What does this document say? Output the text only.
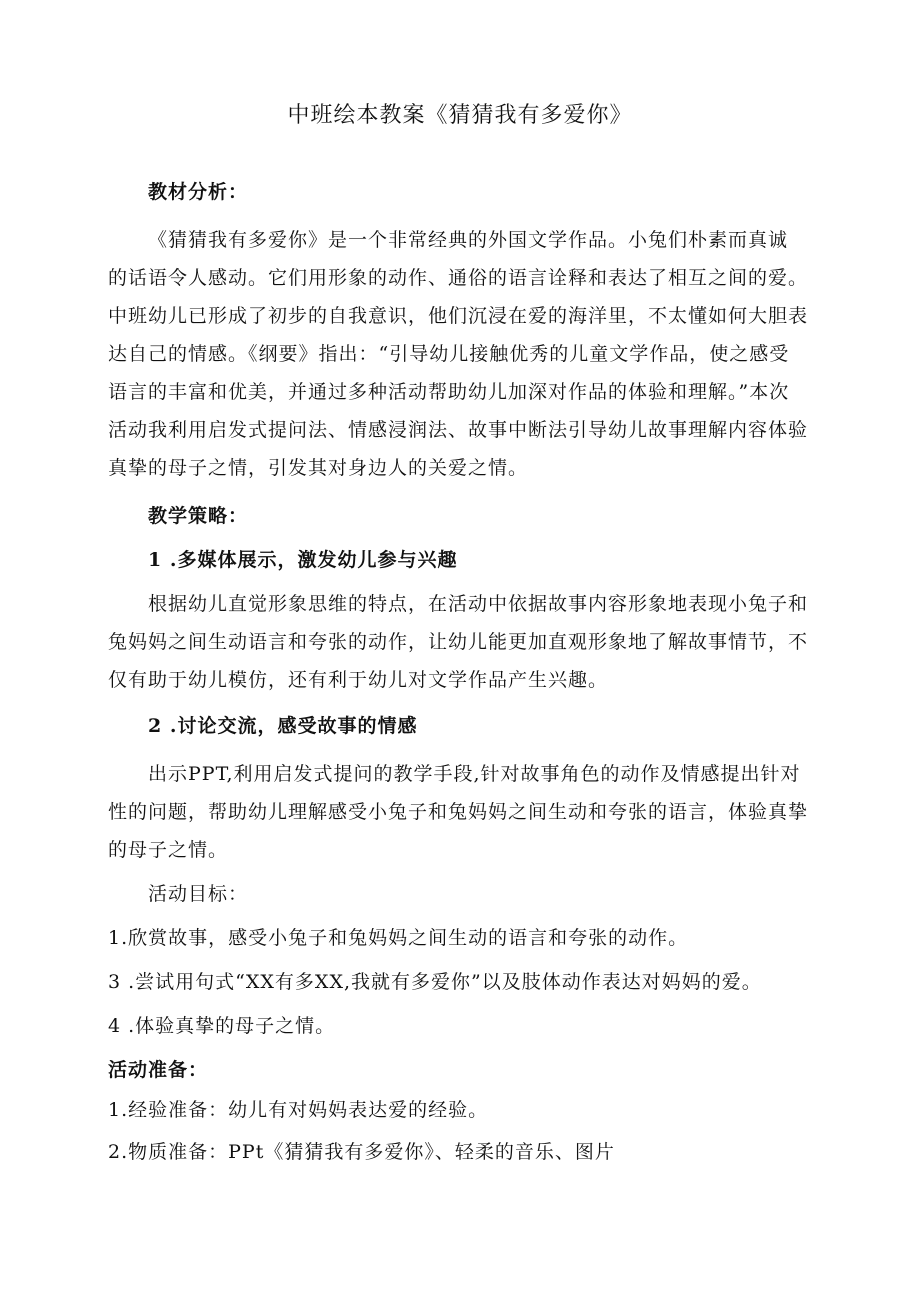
中班绘本教案《猜猜我有多爱你》
教材分析：
《猜猜我有多爱你》是一个非常经典的外国文学作品。小兔们朴素而真诚
的话语令人感动。它们用形象的动作、通俗的语言诠释和表达了相互之间的爱。
中班幼儿已形成了初步的自我意识，他们沉浸在爱的海洋里，不太懂如何大胆表
达自己的情感。《纲要》指出：“引导幼儿接触优秀的儿童文学作品，使之感受
语言的丰富和优美，并通过多种活动帮助幼儿加深对作品的体验和理解。”本次
活动我利用启发式提问法、情感浸润法、故事中断法引导幼儿故事理解内容体验
真挚的母子之情，引发其对身边人的关爱之情。
教学策略：
1 .多媒体展示，激发幼儿参与兴趣
根据幼儿直觉形象思维的特点，在活动中依据故事内容形象地表现小兔子和
兔妈妈之间生动语言和夸张的动作，让幼儿能更加直观形象地了解故事情节，不
仅有助于幼儿模仿，还有利于幼儿对文学作品产生兴趣。
2 .讨论交流，感受故事的情感
出示PPT,利用启发式提问的教学手段,针对故事角色的动作及情感提出针对
性的问题，帮助幼儿理解感受小兔子和兔妈妈之间生动和夸张的语言，体验真挚
的母子之情。
活动目标：
1.欣赏故事，感受小兔子和兔妈妈之间生动的语言和夸张的动作。
3 .尝试用句式“XX有多XX,我就有多爱你”以及肢体动作表达对妈妈的爱。
4 .体验真挚的母子之情。
活动准备：
1.经验准备：幼儿有对妈妈表达爱的经验。
2.物质准备：PPt《猜猜我有多爱你》、轻柔的音乐、图片
